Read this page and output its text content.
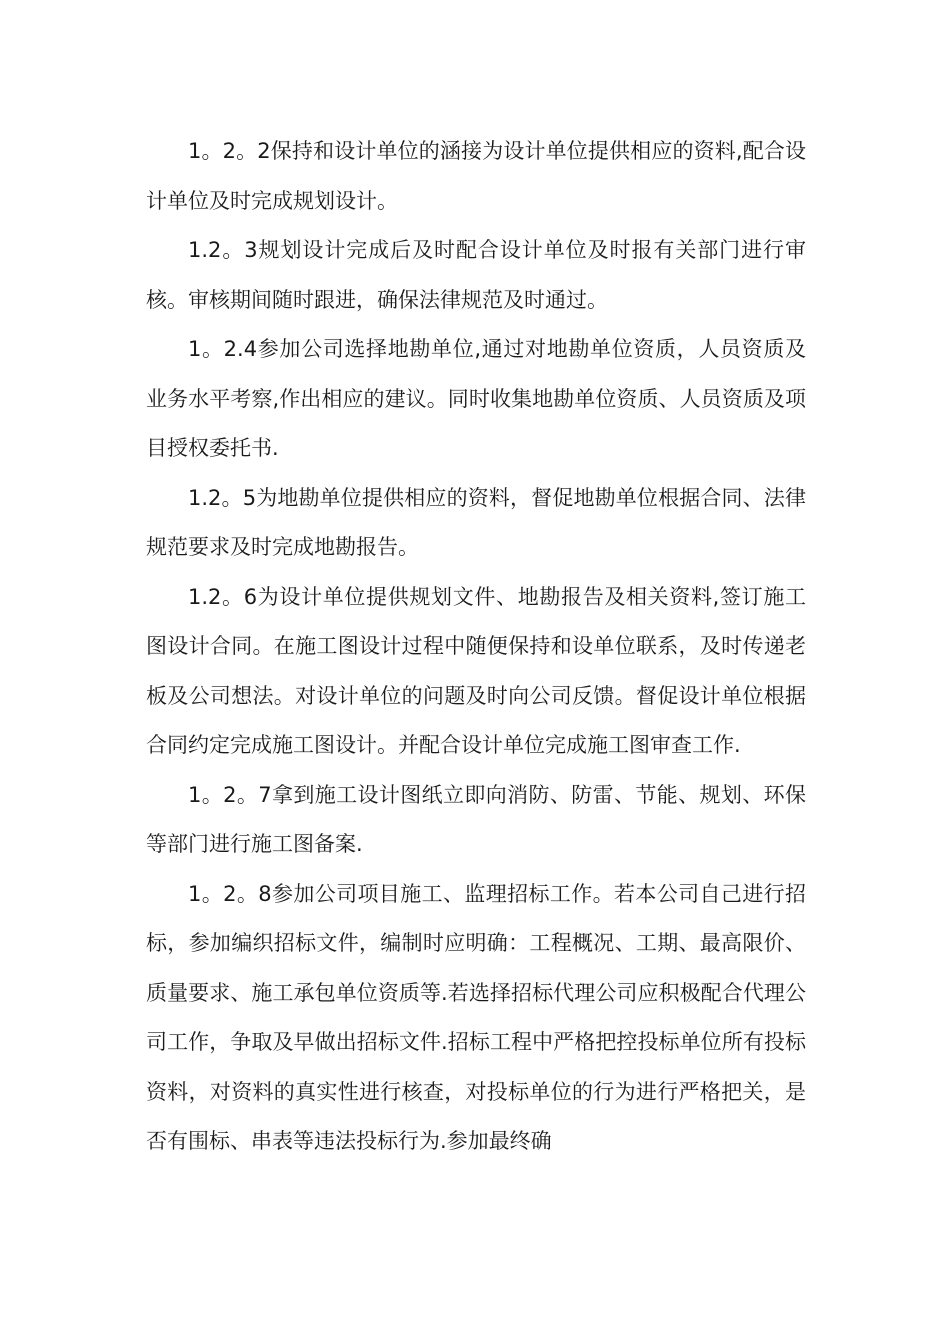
1。2。2保持和设计单位的涵接为设计单位提供相应的资料,配合设计单位及时完成规划设计。

1.2。3规划设计完成后及时配合设计单位及时报有关部门进行审核。审核期间随时跟进，确保法律规范及时通过。

1。2.4参加公司选择地勘单位,通过对地勘单位资质，人员资质及业务水平考察,作出相应的建议。同时收集地勘单位资质、人员资质及项目授权委托书.

1.2。5为地勘单位提供相应的资料，督促地勘单位根据合同、法律规范要求及时完成地勘报告。

1.2。6为设计单位提供规划文件、地勘报告及相关资料,签订施工图设计合同。在施工图设计过程中随便保持和设单位联系，及时传递老板及公司想法。对设计单位的问题及时向公司反馈。督促设计单位根据合同约定完成施工图设计。并配合设计单位完成施工图审查工作.

1。2。7拿到施工设计图纸立即向消防、防雷、节能、规划、环保等部门进行施工图备案.

1。2。8参加公司项目施工、监理招标工作。若本公司自己进行招标，参加编织招标文件，编制时应明确：工程概况、工期、最高限价、质量要求、施工承包单位资质等.若选择招标代理公司应积极配合代理公司工作，争取及早做出招标文件.招标工程中严格把控投标单位所有投标资料，对资料的真实性进行核查，对投标单位的行为进行严格把关，是否有围标、串表等违法投标行为.参加最终确
